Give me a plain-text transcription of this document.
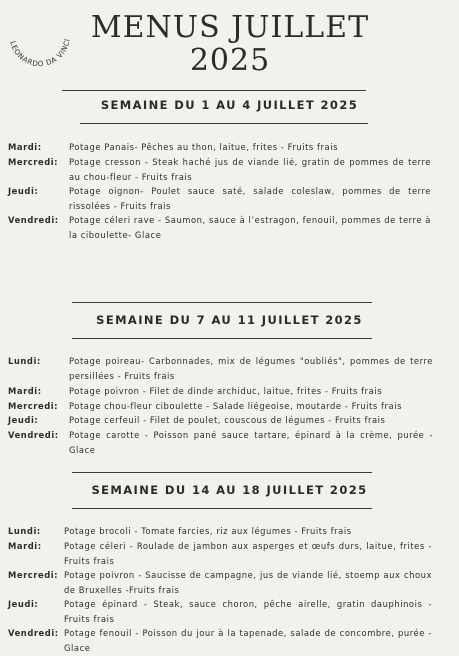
LEONARDO DA VINCI MENUS JUILLET
2025
SEMAINE DU 1 AU 4 JUILLET 2025
Mardi:	Potage Panais- Pêches au thon, laitue, frites - Fruits frais
Mercredi: Potage cresson - Steak haché jus de viande lié, gratin de pommes de terre au chou-fleur - Fruits frais
Jeudi:	Potage oignon- Poulet sauce saté, salade coleslaw, pommes de terre rissolées - Fruits frais
Vendredi: Potage céleri rave - Saumon, sauce à l’estragon, fenouil, pommes de terre à la ciboulette- Glace
SEMAINE DU 7 AU 11 JUILLET 2025
Lundi:	Potage poireau- Carbonnades, mix de légumes "oubliés", pommes de terre persillées - Fruits frais
Mardi:	Potage poivron - Filet de dinde archiduc, laitue, frites - Fruits frais
Mercredi: Potage chou-fleur ciboulette - Salade liégeoise, moutarde - Fruits frais
Jeudi:	Potage cerfeuil - Filet de poulet, couscous de légumes - Fruits frais
Vendredi: Potage carotte - Poisson pané sauce tartare, épinard à la crème, purée - Glace
SEMAINE DU 14 AU 18 JUILLET 2025
Lundi:	Potage brocoli - Tomate farcies, riz aux légumes - Fruits frais
Mardi:	Potage céleri - Roulade de jambon aux asperges et œufs durs, laitue, frites - Fruits frais
Mercredi: Potage poivron - Saucisse de campagne, jus de viande lié, stoemp aux choux de Bruxelles -Fruits frais
Jeudi:	Potage épinard - Steak, sauce choron, pêche airelle, gratin dauphinois - Fruits frais
Vendredi: Potage fenouil - Poisson du jour à la tapenade, salade de concombre, purée - Glace
